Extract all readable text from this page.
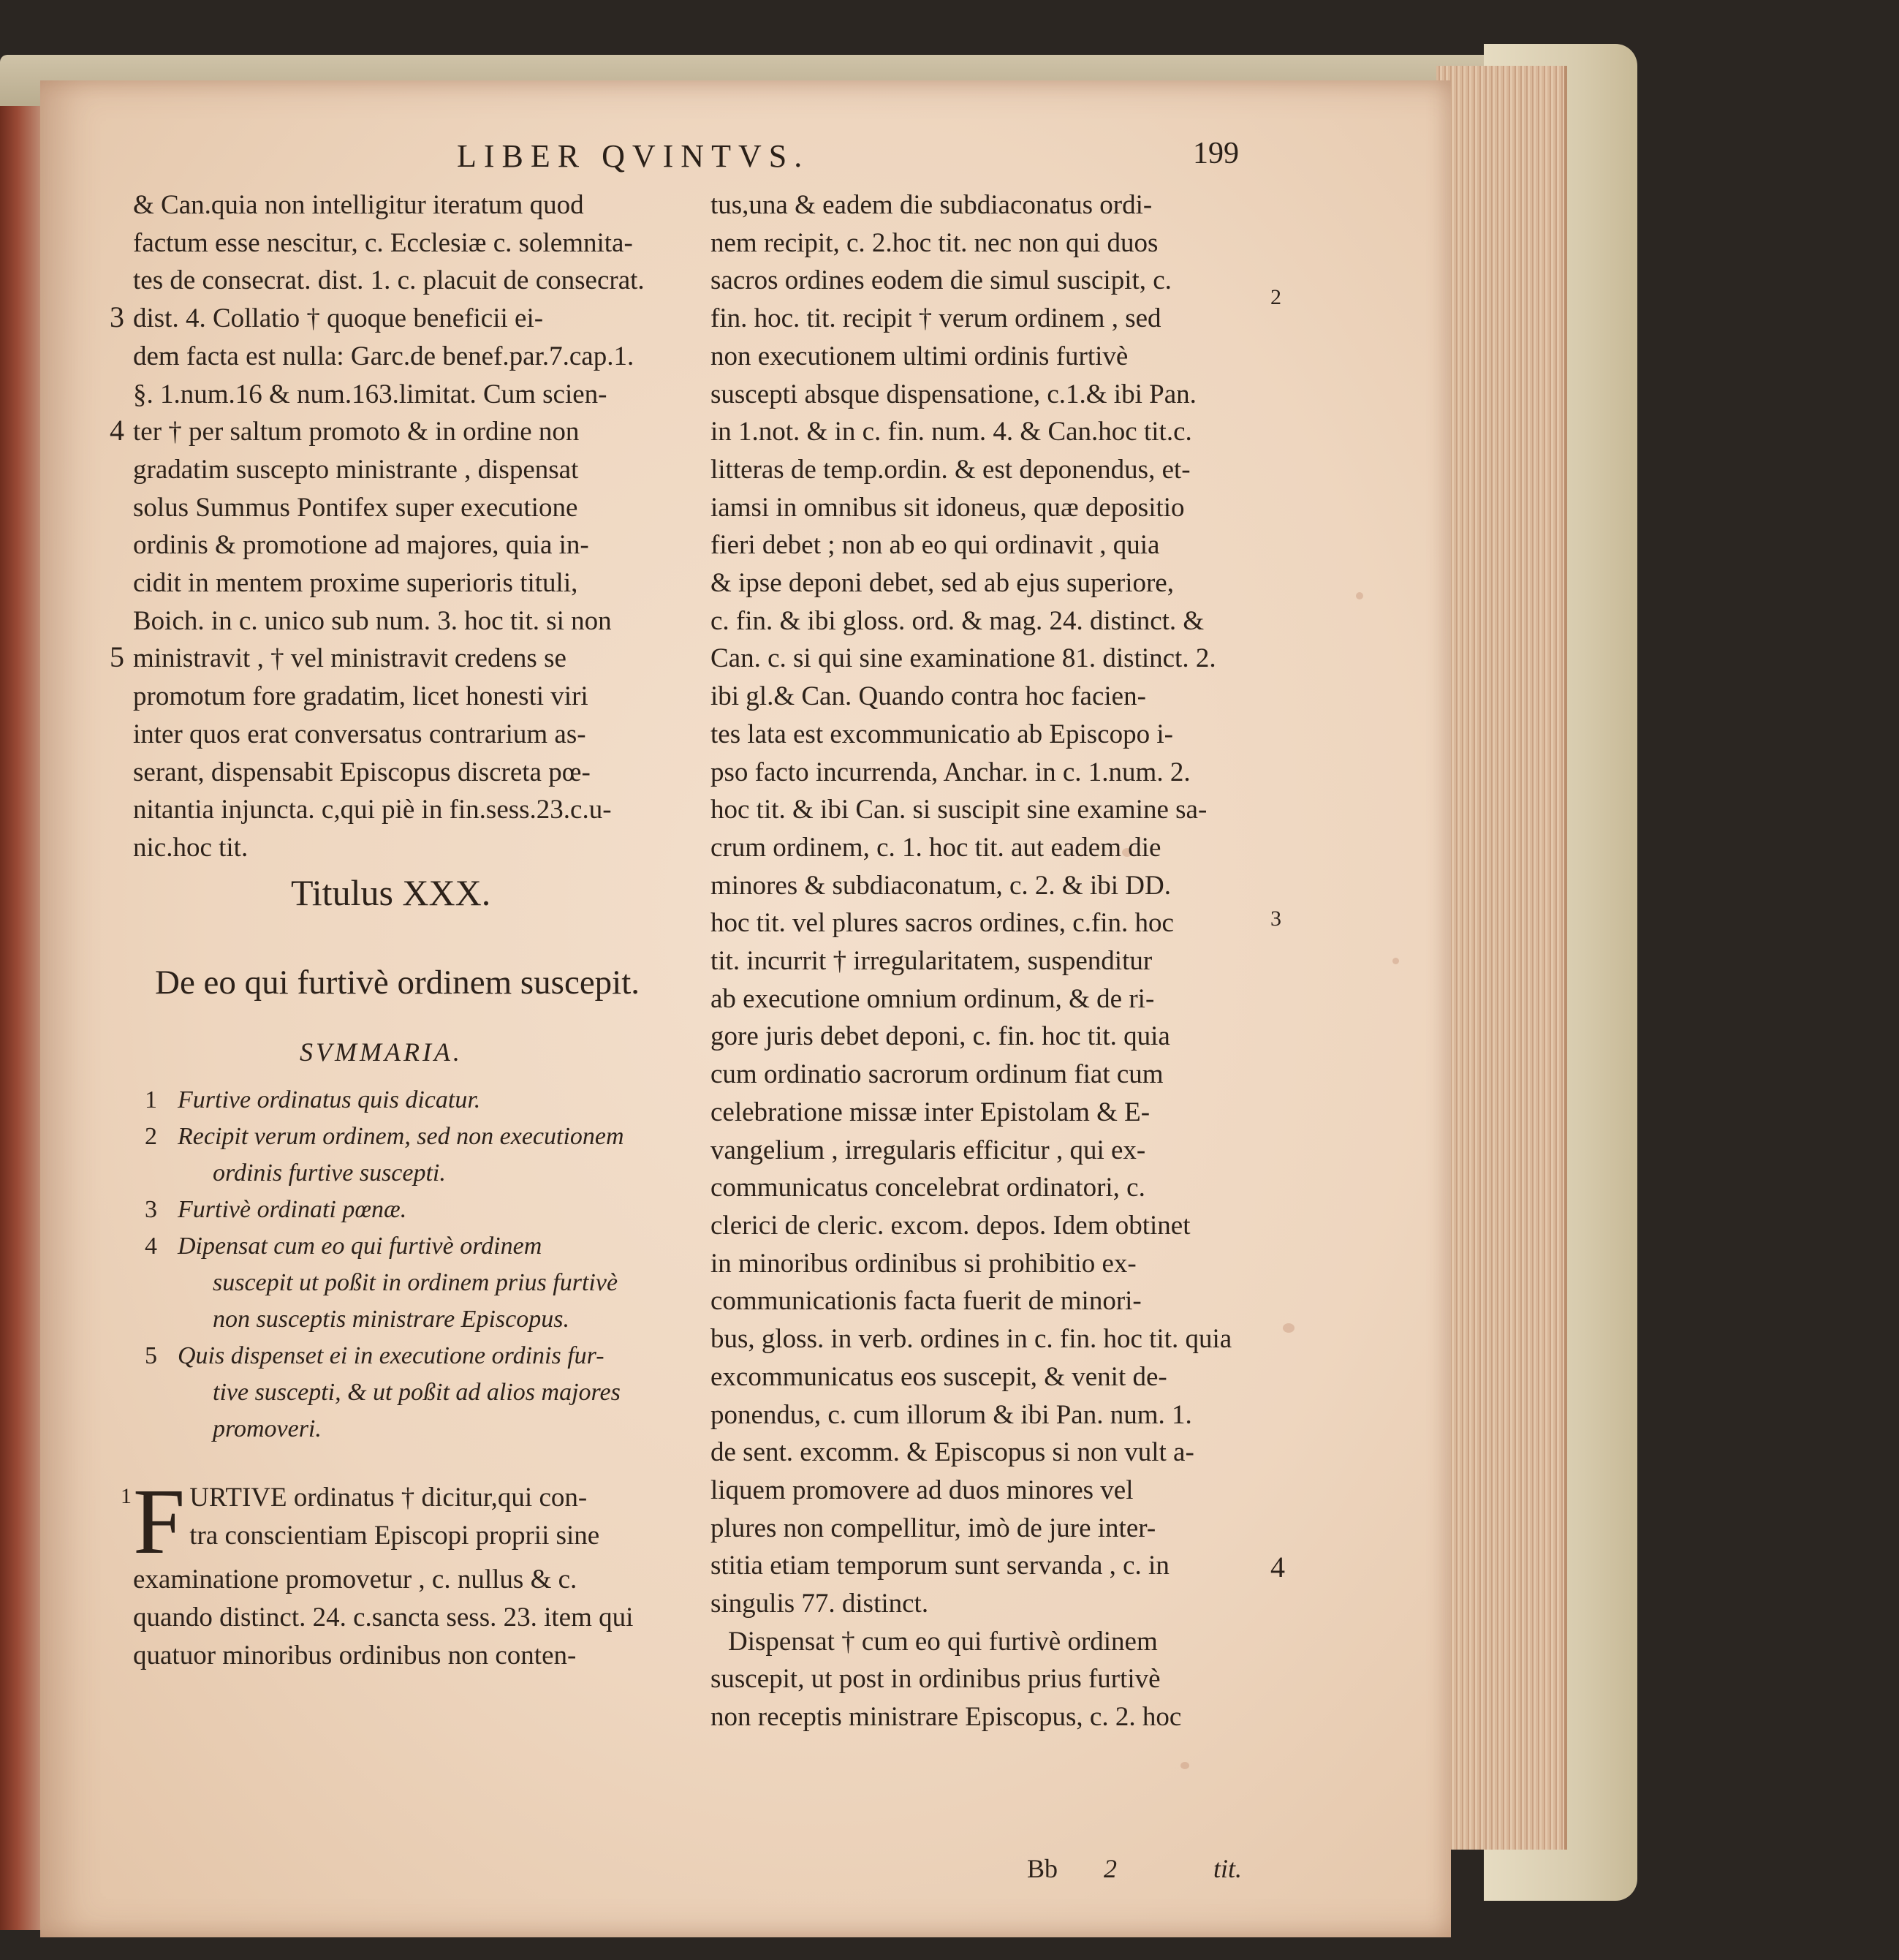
LIBER QVINTVS.	199

& Can.quia non intelligitur iteratum quod

factum esse nescitur, c. Ecclesiæ c. solemnita-

tes de consecrat. dist. 1. c. placuit de consecrat.

dist. 4. Collatio † quoque beneficii ei-

dem facta est nulla: Garc.de benef.par.7.cap.1.

§. 1.num.16 & num.163.limitat. Cum scien-

ter † per saltum promoto & in ordine non

gradatim suscepto ministrante , dispensat

solus Summus Pontifex super executione

ordinis & promotione ad majores, quia in-

cidit in mentem proxime superioris tituli,

Boich. in c. unico sub num. 3. hoc tit. si non

ministravit , † vel ministravit credens se

promotum fore gradatim, licet honesti viri

inter quos erat conversatus contrarium as-

serant, dispensabit Episcopus discreta pœ-

nitantia injuncta. c,qui piè in fin.sess.23.c.u-

nic.hoc tit.

3
4
5
Titulus XXX.
De eo qui furtivè ordinem suscepit.
SVMMARIA.
1 Furtive ordinatus quis dicatur.
2 Recipit verum ordinem, sed non executionem
ordinis furtive suscepti.
3 Furtivè ordinati pœnæ.
4 Dipensat cum eo qui furtivè ordinem
suscepit ut poßit in ordinem prius furtivè
non susceptis ministrare Episcopus.
5 Quis dispenset ei in executione ordinis fur-
tive suscepti, & ut poßit ad alios majores
promoveri.
1 F URTIVE ordinatus † dicitur,qui con-

tra conscientiam Episcopi proprii sine

examinatione promovetur , c. nullus & c.

quando distinct. 24. c.sancta sess. 23. item qui

quatuor minoribus ordinibus non conten-

tus,una & eadem die subdiaconatus ordi-

nem recipit, c. 2.hoc tit. nec non qui duos

sacros ordines eodem die simul suscipit, c.

fin. hoc. tit. recipit † verum ordinem , sed

non executionem ultimi ordinis furtivè

suscepti absque dispensatione, c.1.& ibi Pan.

in 1.not. & in c. fin. num. 4. & Can.hoc tit.c.

litteras de temp.ordin. & est deponendus, et-

iamsi in omnibus sit idoneus, quæ depositio

fieri debet ; non ab eo qui ordinavit , quia

& ipse deponi debet, sed ab ejus superiore,

c. fin. & ibi gloss. ord. & mag. 24. distinct. &

Can. c. si qui sine examinatione 81. distinct. 2.

ibi gl.& Can. Quando contra hoc facien-

tes lata est excommunicatio ab Episcopo i-

pso facto incurrenda, Anchar. in c. 1.num. 2.

hoc tit. & ibi Can. si suscipit sine examine sa-

crum ordinem, c. 1. hoc tit. aut eadem die

minores & subdiaconatum, c. 2. & ibi DD.

hoc tit. vel plures sacros ordines, c.fin. hoc

tit. incurrit † irregularitatem, suspenditur

ab executione omnium ordinum, & de ri-

gore juris debet deponi, c. fin. hoc tit. quia

cum ordinatio sacrorum ordinum fiat cum

celebratione missæ inter Epistolam & E-

vangelium , irregularis efficitur , qui ex-

communicatus concelebrat ordinatori, c.

clerici de cleric. excom. depos. Idem obtinet

in minoribus ordinibus si prohibitio ex-

communicationis facta fuerit de minori-

bus, gloss. in verb. ordines in c. fin. hoc tit. quia

excommunicatus eos suscepit, & venit de-

ponendus, c. cum illorum & ibi Pan. num. 1.

de sent. excomm. & Episcopus si non vult a-

liquem promovere ad duos minores vel

plures non compellitur, imò de jure inter-

stitia etiam temporum sunt servanda , c. in

singulis 77. distinct.

Dispensat † cum eo qui furtivè ordinem

suscepit, ut post in ordinibus prius furtivè

non receptis ministrare Episcopus, c. 2. hoc

2
3
4
Bb 2	tit.
